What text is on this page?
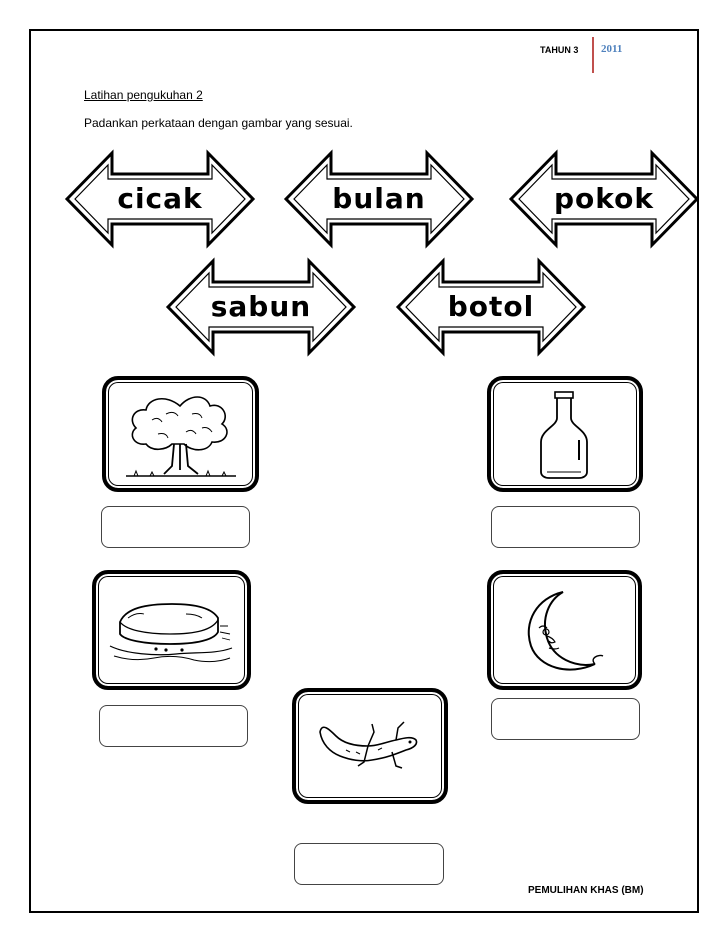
TAHUN 3 2011
Latihan pengukuhan 2
Padankan perkataan dengan gambar yang sesuai.
cicak	bulan	pokok
sabun	botol
PEMULIHAN KHAS (BM)
